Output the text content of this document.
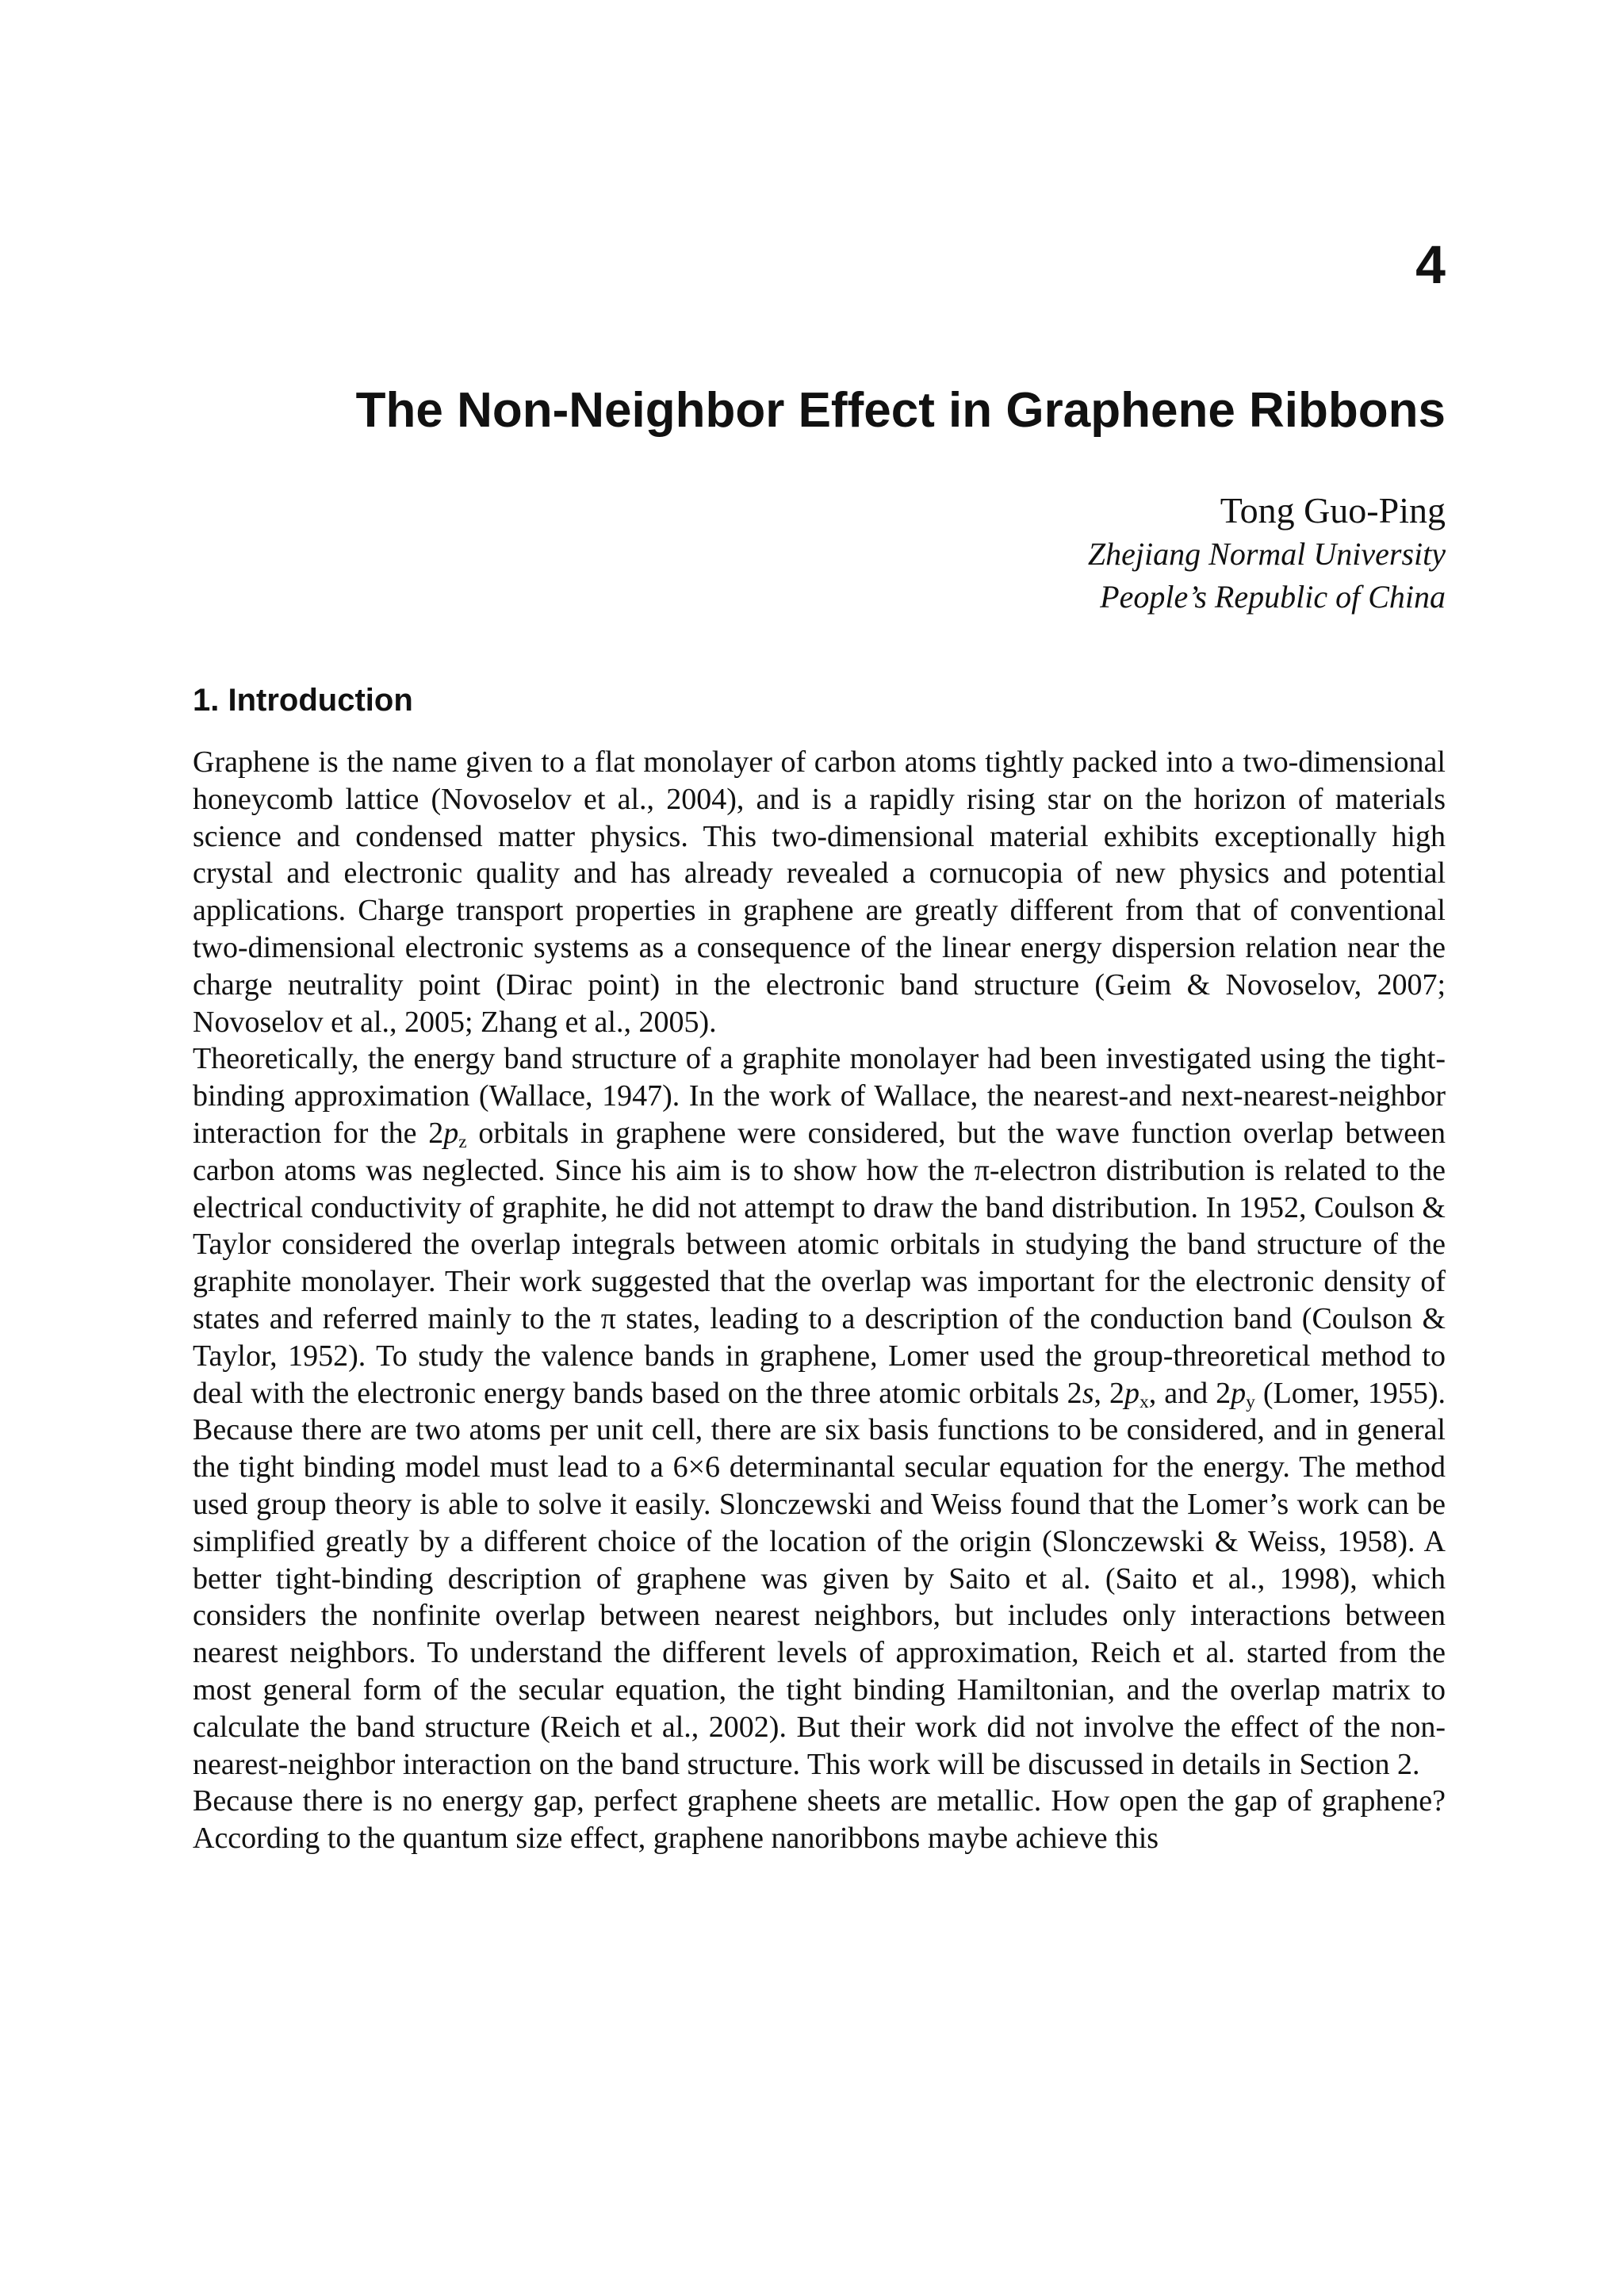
4
The Non-Neighbor Effect in Graphene Ribbons
Tong Guo-Ping
Zhejiang Normal University
People’s Republic of China
1. Introduction

Graphene is the name given to a flat monolayer of carbon atoms tightly packed into a two-dimensional honeycomb lattice (Novoselov et al., 2004), and is a rapidly rising star on the horizon of materials science and condensed matter physics. This two-dimensional material exhibits exceptionally high crystal and electronic quality and has already revealed a cornucopia of new physics and potential applications. Charge transport properties in graphene are greatly different from that of conventional two-dimensional electronic systems as a consequence of the linear energy dispersion relation near the charge neutrality point (Dirac point) in the electronic band structure (Geim & Novoselov, 2007; Novoselov et al., 2005; Zhang et al., 2005).

Theoretically, the energy band structure of a graphite monolayer had been investigated using the tight-binding approximation (Wallace, 1947). In the work of Wallace, the nearest-and next-nearest-neighbor interaction for the $2p_z$ orbitals in graphene were considered, but the wave function overlap between carbon atoms was neglected. Since his aim is to show how the π-electron distribution is related to the electrical conductivity of graphite, he did not attempt to draw the band distribution. In 1952, Coulson & Taylor considered the overlap integrals between atomic orbitals in studying the band structure of the graphite monolayer. Their work suggested that the overlap was important for the electronic density of states and referred mainly to the π states, leading to a description of the conduction band (Coulson & Taylor, 1952). To study the valence bands in graphene, Lomer used the group-threoretical method to deal with the electronic energy bands based on the three atomic orbitals 2s, $2p_x$, and $2p_y$ (Lomer, 1955). Because there are two atoms per unit cell, there are six basis functions to be considered, and in general the tight binding model must lead to a 6×6 determinantal secular equation for the energy. The method used group theory is able to solve it easily. Slonczewski and Weiss found that the Lomer’s work can be simplified greatly by a different choice of the location of the origin (Slonczewski & Weiss, 1958). A better tight-binding description of graphene was given by Saito et al. (Saito et al., 1998), which considers the nonfinite overlap between nearest neighbors, but includes only interactions between nearest neighbors. To understand the different levels of approximation, Reich et al. started from the most general form of the secular equation, the tight binding Hamiltonian, and the overlap matrix to calculate the band structure (Reich et al., 2002). But their work did not involve the effect of the non-nearest-neighbor interaction on the band structure. This work will be discussed in details in Section 2.

Because there is no energy gap, perfect graphene sheets are metallic. How open the gap of graphene? According to the quantum size effect, graphene nanoribbons maybe achieve this
